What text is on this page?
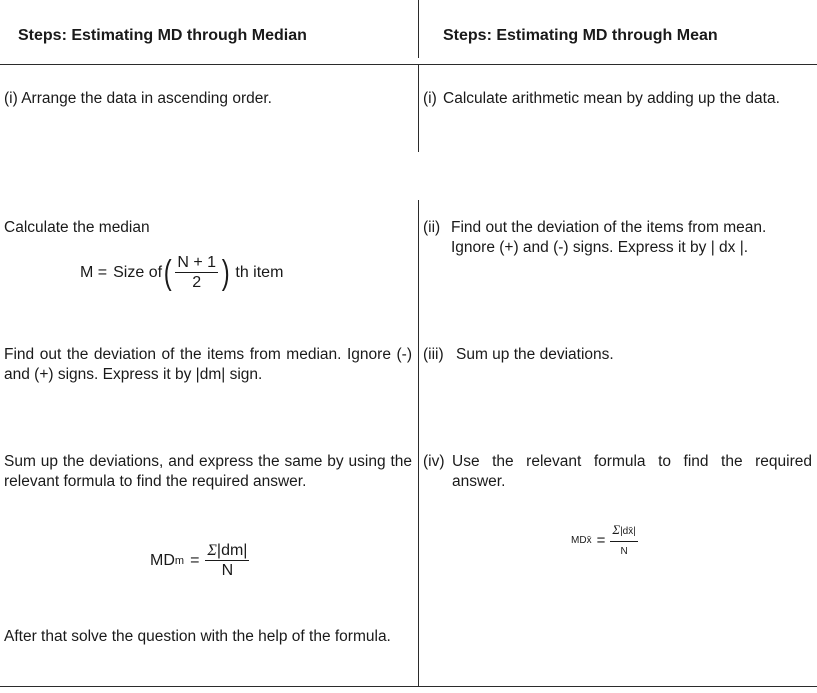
Steps: Estimating MD through Median	Steps: Estimating MD through Mean
(i) Arrange the data in ascending order.
Calculate the median
M = Size of ( $\frac{N + 1}{2}$ ) th item
Find out the deviation of the items from median. Ignore (-) and (+) signs. Express it by |dm| sign.
Sum up the deviations, and express the same by using the relevant formula to find the required answer.
MD $m = \frac{\Sigma|dm|}{N}$
After that solve the question with the help of the formula.
(i) Calculate arithmetic mean by adding up the data.
(ii) Find out the deviation of the items from mean. Ignore (+) and (-) signs. Express it by | dx |.
(iii) Sum up the deviations.
(iv) Use the relevant formula to find the required answer.
MD x̄ = $\frac{\Sigma|dx̄|}{N}$
